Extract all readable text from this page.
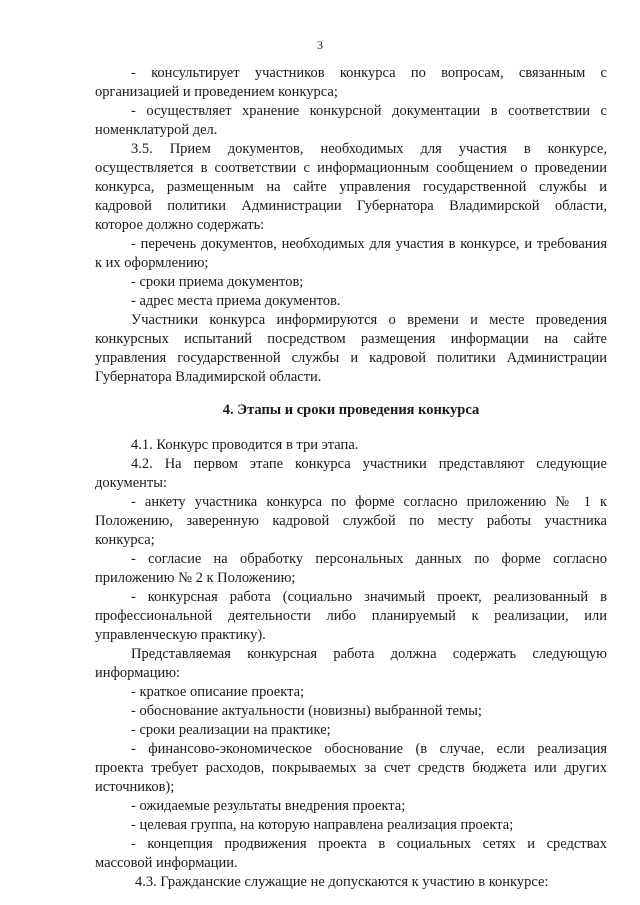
3
- консультирует участников конкурса по вопросам, связанным с
организацией и проведением конкурса;
- осуществляет хранение конкурсной документации в соответствии с
номенклатурой дел.
3.5. Прием документов, необходимых для участия в конкурсе,
осуществляется в соответствии с информационным сообщением о проведении
конкурса, размещенным на сайте управления государственной службы и
кадровой политики Администрации Губернатора Владимирской области,
которое должно содержать:
- перечень документов, необходимых для участия в конкурсе, и требования
к их оформлению;
- сроки приема документов;
- адрес места приема документов.
Участники конкурса информируются о времени и месте проведения
конкурсных испытаний посредством размещения информации на сайте
управления государственной службы и кадровой политики Администрации
Губернатора Владимирской области.
4. Этапы и сроки проведения конкурса
4.1. Конкурс проводится в три этапа.
4.2. На первом этапе конкурса участники представляют следующие
документы:
- анкету участника конкурса по форме согласно приложению № 1 к
Положению, заверенную кадровой службой по месту работы участника
конкурса;
- согласие на обработку персональных данных по форме согласно
приложению № 2 к Положению;
- конкурсная работа (социально значимый проект, реализованный в
профессиональной деятельности либо планируемый к реализации, или
управленческую практику).
Представляемая конкурсная работа должна содержать следующую
информацию:
- краткое описание проекта;
- обоснование актуальности (новизны) выбранной темы;
- сроки реализации на практике;
- финансово-экономическое обоснование (в случае, если реализация
проекта требует расходов, покрываемых за счет средств бюджета или других
источников);
- ожидаемые результаты внедрения проекта;
- целевая группа, на которую направлена реализация проекта;
- концепция продвижения проекта в социальных сетях и средствах
массовой информации.
4.3. Гражданские служащие не допускаются к участию в конкурсе:
